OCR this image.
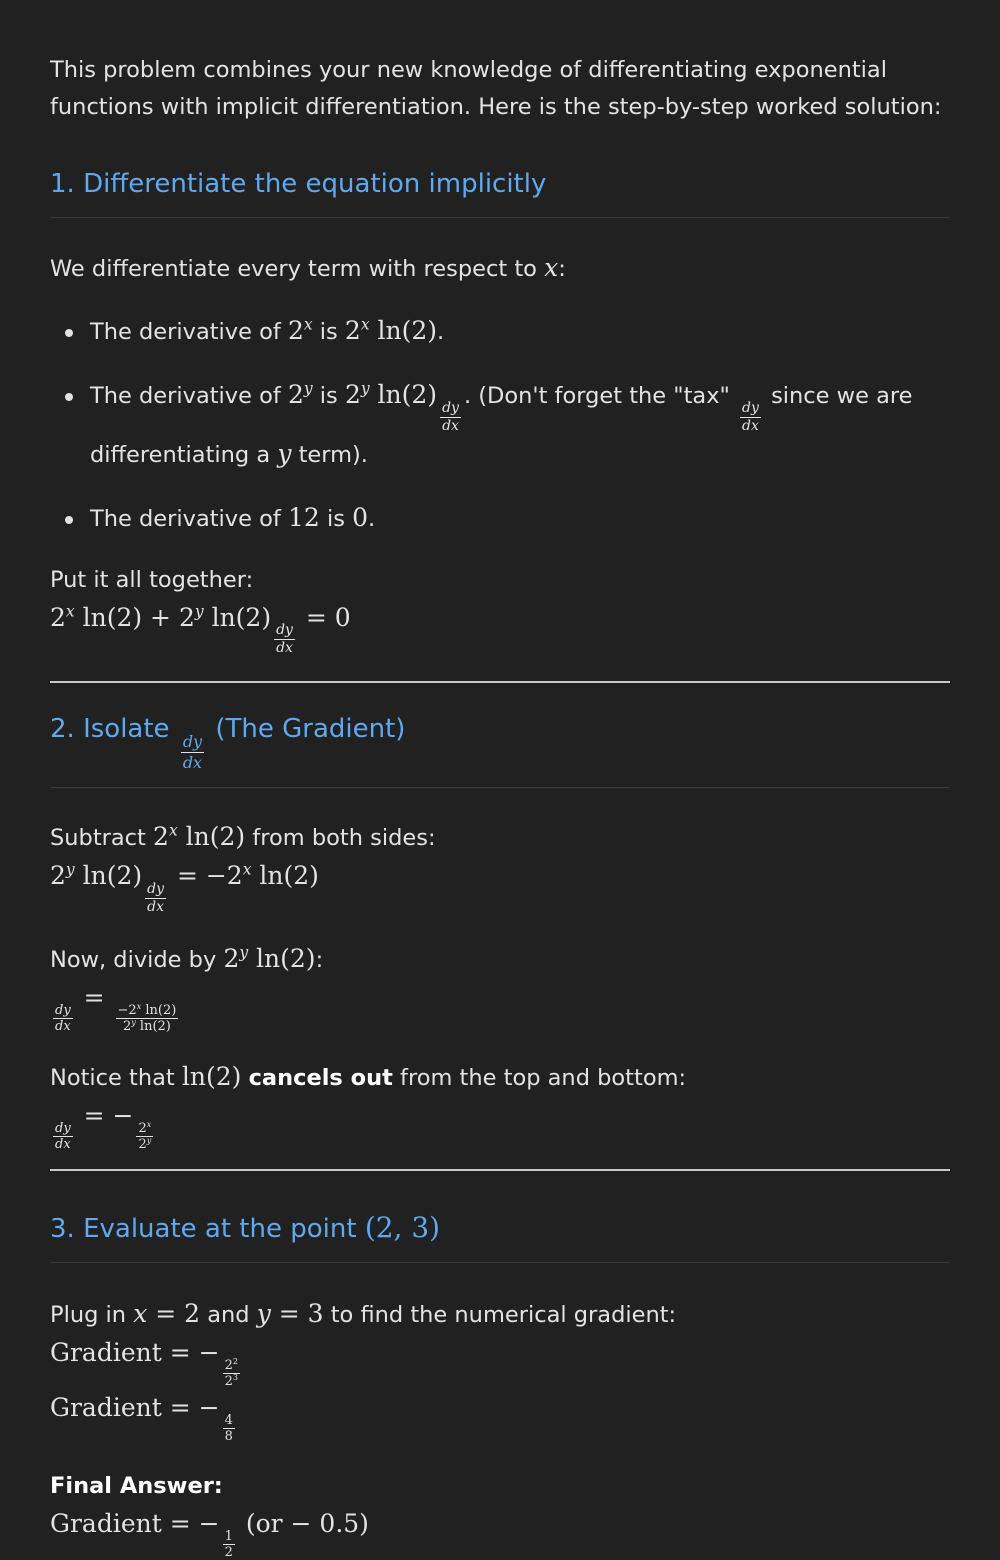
This problem combines your new knowledge of differentiating exponential functions with implicit differentiation. Here is the step-by-step worked solution:

1. Differentiate the equation implicitly

We differentiate every term with respect to x:

The derivative of 2$^x$ is 2$^x$ ln(2).
The derivative of 2$^y$ is 2$^y$ ln(2)
$\frac{dy}{dx}$
. (Don't forget the "tax"
$\frac{dy}{dx}$
since we are differentiating a y term).
The derivative of 12 is 0.

Put it all together:

2$^x$ $\ln(2) + 2^y$ ln(2)
$\frac{dy}{dx}$
= 0

2. Isolate
$\frac{dy}{dx}$
(The Gradient)

Subtract 2$^x$ ln(2) from both sides:

2$^y$ ln(2)
$\frac{dy}{dx}$
= $-2^x$ ln(2)

Now, divide by 2$^y$ ln(2):

$\frac{dy}{dx}$
=
$\frac{-2^x \ln(2)}{2^y \ln(2)}$

Notice that ln(2) cancels out from the top and bottom:

$\frac{dy}{dx}$
= −
$\frac{2^x}{2^y}$

3. Evaluate at the point (2, 3)

Plug in x = 2 and y = 3 to find the numerical gradient:

Gradient = −
$\frac{2^2}{2^3}$

Gradient = −
$\frac{4}{8}$

Final Answer:

Gradient = −
$\frac{1}{2}$
(or − 0.5)
